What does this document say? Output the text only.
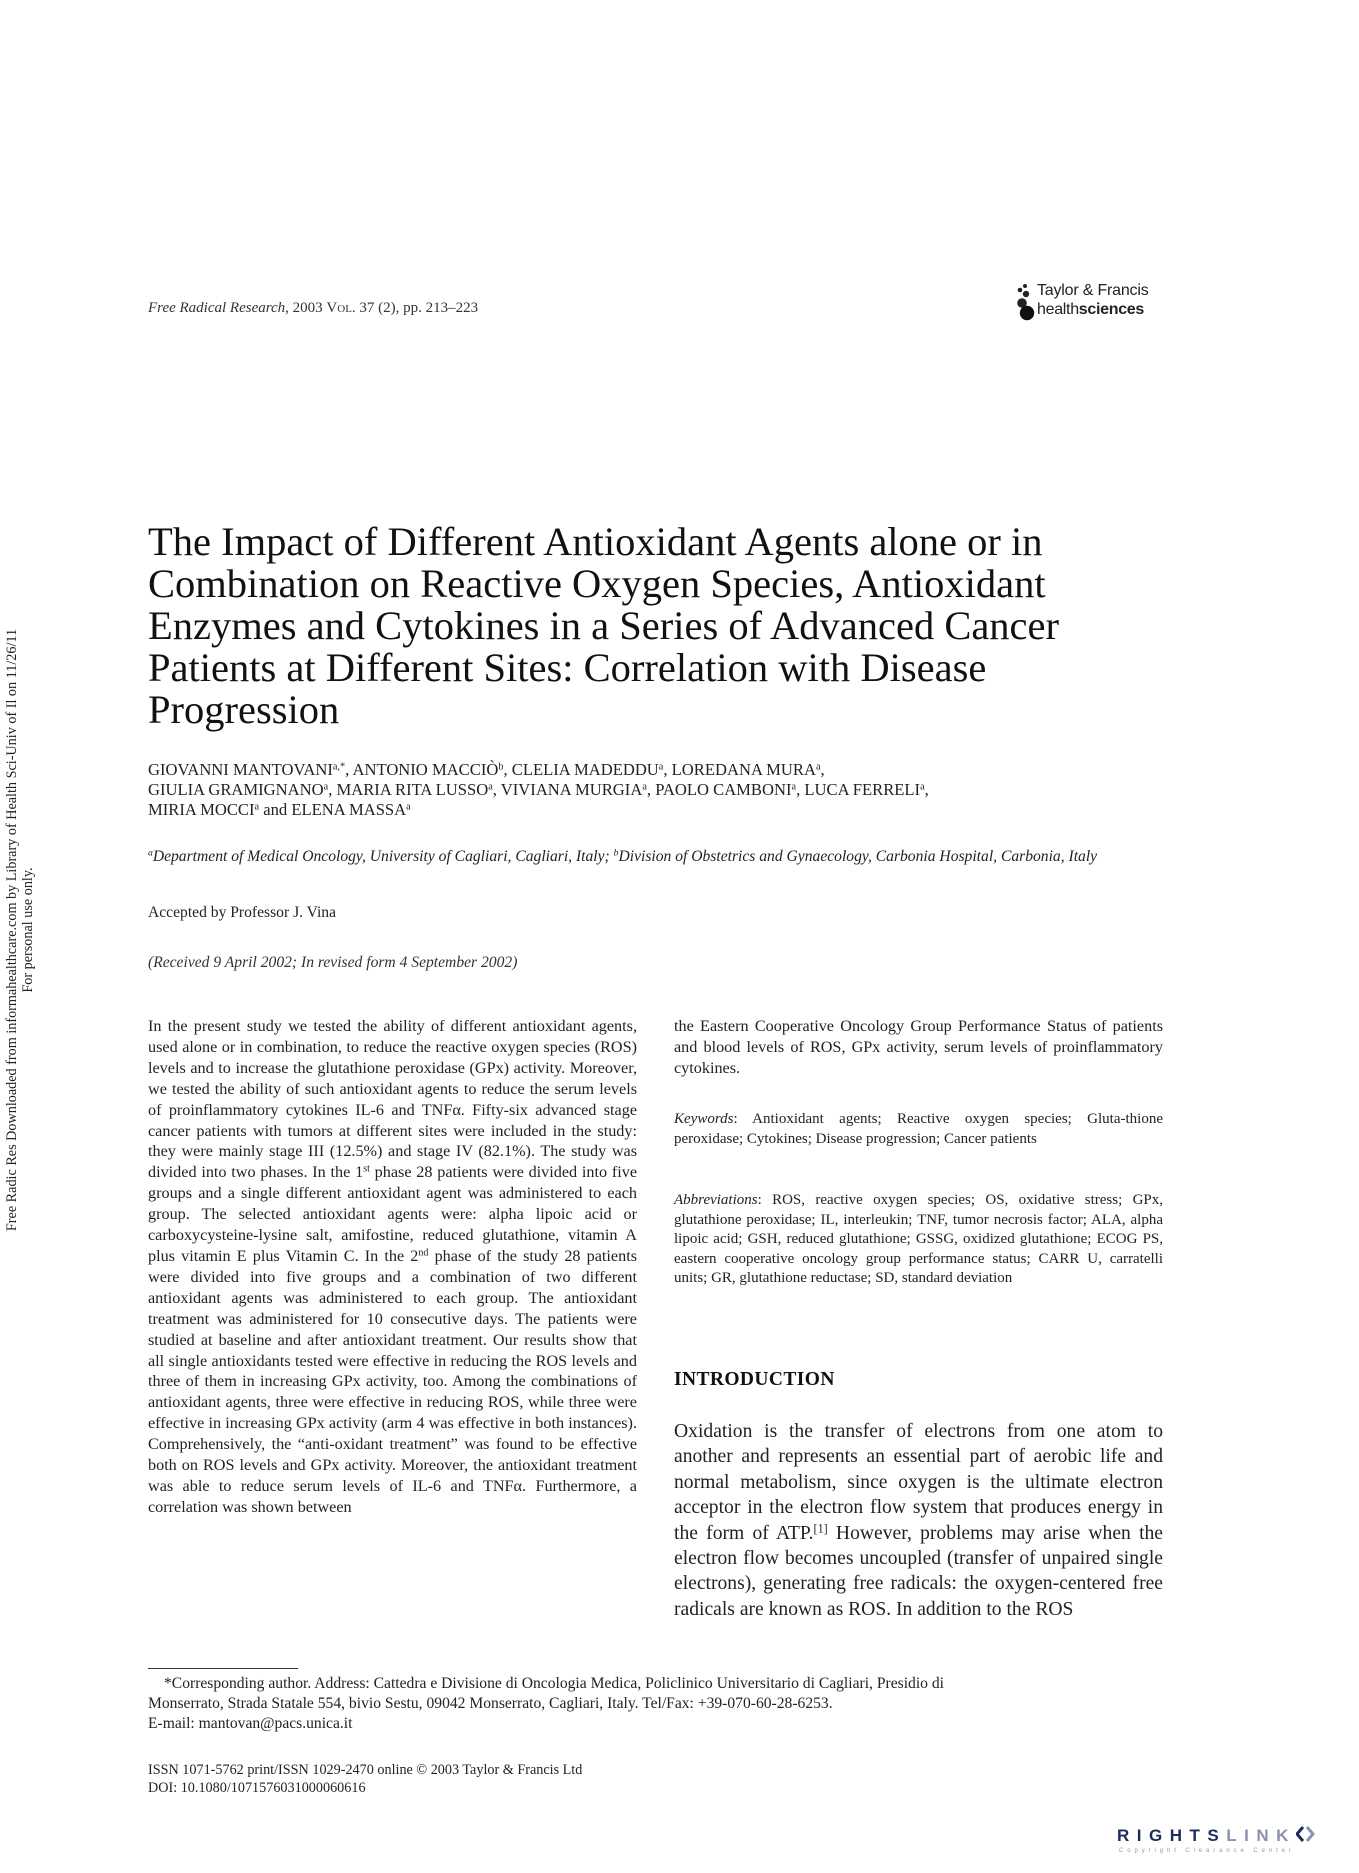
Free Radic Res Downloaded from informahealthcare.com by Library of Health Sci-Univ of Il on 11/26/11 For personal use only.
Free Radical Research, 2003 Vol. 37 (2), pp. 213–223
Taylor & Francis
healthsciences
The Impact of Different Antioxidant Agents alone or in Combination on Reactive Oxygen Species, Antioxidant Enzymes and Cytokines in a Series of Advanced Cancer Patients at Different Sites: Correlation with Disease Progression
GIOVANNI $MANTOVANI^{a,*}$, ANTONIO MACCIÒ$^b$, CLELIA MADEDDU$^a$, LOREDANA MURA$^a$,
GIULIA GRAMIGNANO$^a$, MARIA RITA LUSSO$^a$, VIVIANA MURGIA$^a$, PAOLO CAMBONI$^a$, LUCA FERRELI$^a$,
MIRIA MOCCI$^a$ and ELENA MASSA$^a$
$^a$Department of Medical Oncology, University of Cagliari, Cagliari, Italy; $^b$Division of Obstetrics and Gynaecology, Carbonia Hospital, Carbonia, Italy
Accepted by Professor J. Vina
(Received 9 April 2002; In revised form 4 September 2002)
In the present study we tested the ability of different antioxidant agents, used alone or in combination, to reduce the reactive oxygen species (ROS) levels and to increase the glutathione peroxidase (GPx) activity. Moreover, we tested the ability of such antioxidant agents to reduce the serum levels of proinflammatory cytokines IL-6 and TNFα. Fifty-six advanced stage cancer patients with tumors at different sites were included in the study: they were mainly stage III (12.5%) and stage IV (82.1%). The study was divided into two phases. In the 1st phase 28 patients were divided into five groups and a single different antioxidant agent was administered to each group. The selected antioxidant agents were: alpha lipoic acid or carboxycysteine-lysine salt, amifostine, reduced glutathione, vitamin A plus vitamin E plus Vitamin C. In the 2nd phase of the study 28 patients were divided into five groups and a combination of two different antioxidant agents was administered to each group. The antioxidant treatment was administered for 10 consecutive days. The patients were studied at baseline and after antioxidant treatment. Our results show that all single antioxidants tested were effective in reducing the ROS levels and three of them in increasing GPx activity, too. Among the combinations of antioxidant agents, three were effective in reducing ROS, while three were effective in increasing GPx activity (arm 4 was effective in both instances). Comprehensively, the “anti-oxidant treatment” was found to be effective both on ROS levels and GPx activity. Moreover, the antioxidant treatment was able to reduce serum levels of IL-6 and TNFα. Furthermore, a correlation was shown between
the Eastern Cooperative Oncology Group Performance Status of patients and blood levels of ROS, GPx activity, serum levels of proinflammatory cytokines.
Keywords: Antioxidant agents; Reactive oxygen species; Gluta-thione peroxidase; Cytokines; Disease progression; Cancer patients
Abbreviations: ROS, reactive oxygen species; OS, oxidative stress; GPx, glutathione peroxidase; IL, interleukin; TNF, tumor necrosis factor; ALA, alpha lipoic acid; GSH, reduced glutathione; GSSG, oxidized glutathione; ECOG PS, eastern cooperative oncology group performance status; CARR U, carratelli units; GR, glutathione reductase; SD, standard deviation
INTRODUCTION
Oxidation is the transfer of electrons from one atom to another and represents an essential part of aerobic life and normal metabolism, since oxygen is the ultimate electron acceptor in the electron flow system that produces energy in the form of ATP.[1] However, problems may arise when the electron flow becomes uncoupled (transfer of unpaired single electrons), generating free radicals: the oxygen-centered free radicals are known as ROS. In addition to the ROS
*Corresponding author. Address: Cattedra e Divisione di Oncologia Medica, Policlinico Universitario di Cagliari, Presidio di
Monserrato, Strada Statale 554, bivio Sestu, 09042 Monserrato, Cagliari, Italy. Tel/Fax: +39-070-60-28-6253.
E-mail: mantovan@pacs.unica.it
ISSN 1071-5762 print/ISSN 1029-2470 online © 2003 Taylor & Francis Ltd
DOI: 10.1080/1071576031000060616
RIGHTSLINK
Copyright Clearance Center
